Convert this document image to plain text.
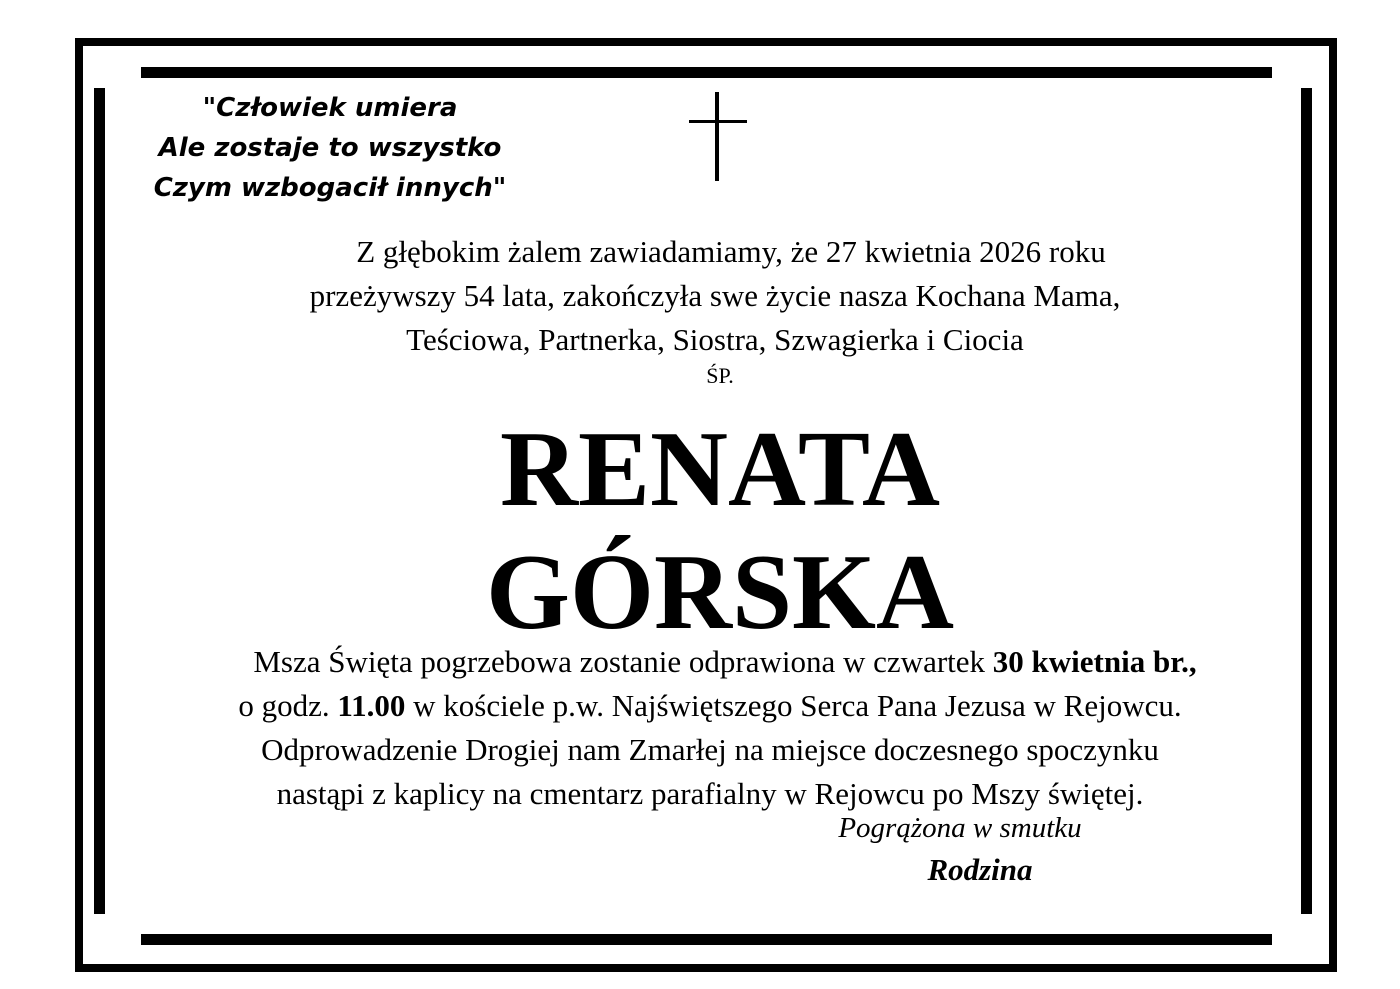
"Człowiek umiera
Ale zostaje to wszystko
Czym wzbogacił innych"
Z głębokim żalem zawiadamiamy, że 27 kwietnia 2026 roku
przeżywszy 54 lata, zakończyła swe życie nasza Kochana Mama,
Teściowa, Partnerka, Siostra, Szwagierka i Ciocia
ŚP.
RENATA
GÓRSKA
Msza Święta pogrzebowa zostanie odprawiona w czwartek 30 kwietnia br.,
o godz. 11.00 w kościele p.w. Najświętszego Serca Pana Jezusa w Rejowcu.
Odprowadzenie Drogiej nam Zmarłej na miejsce doczesnego spoczynku
nastąpi z kaplicy na cmentarz parafialny w Rejowcu po Mszy świętej.
Pogrążona w smutku
Rodzina
